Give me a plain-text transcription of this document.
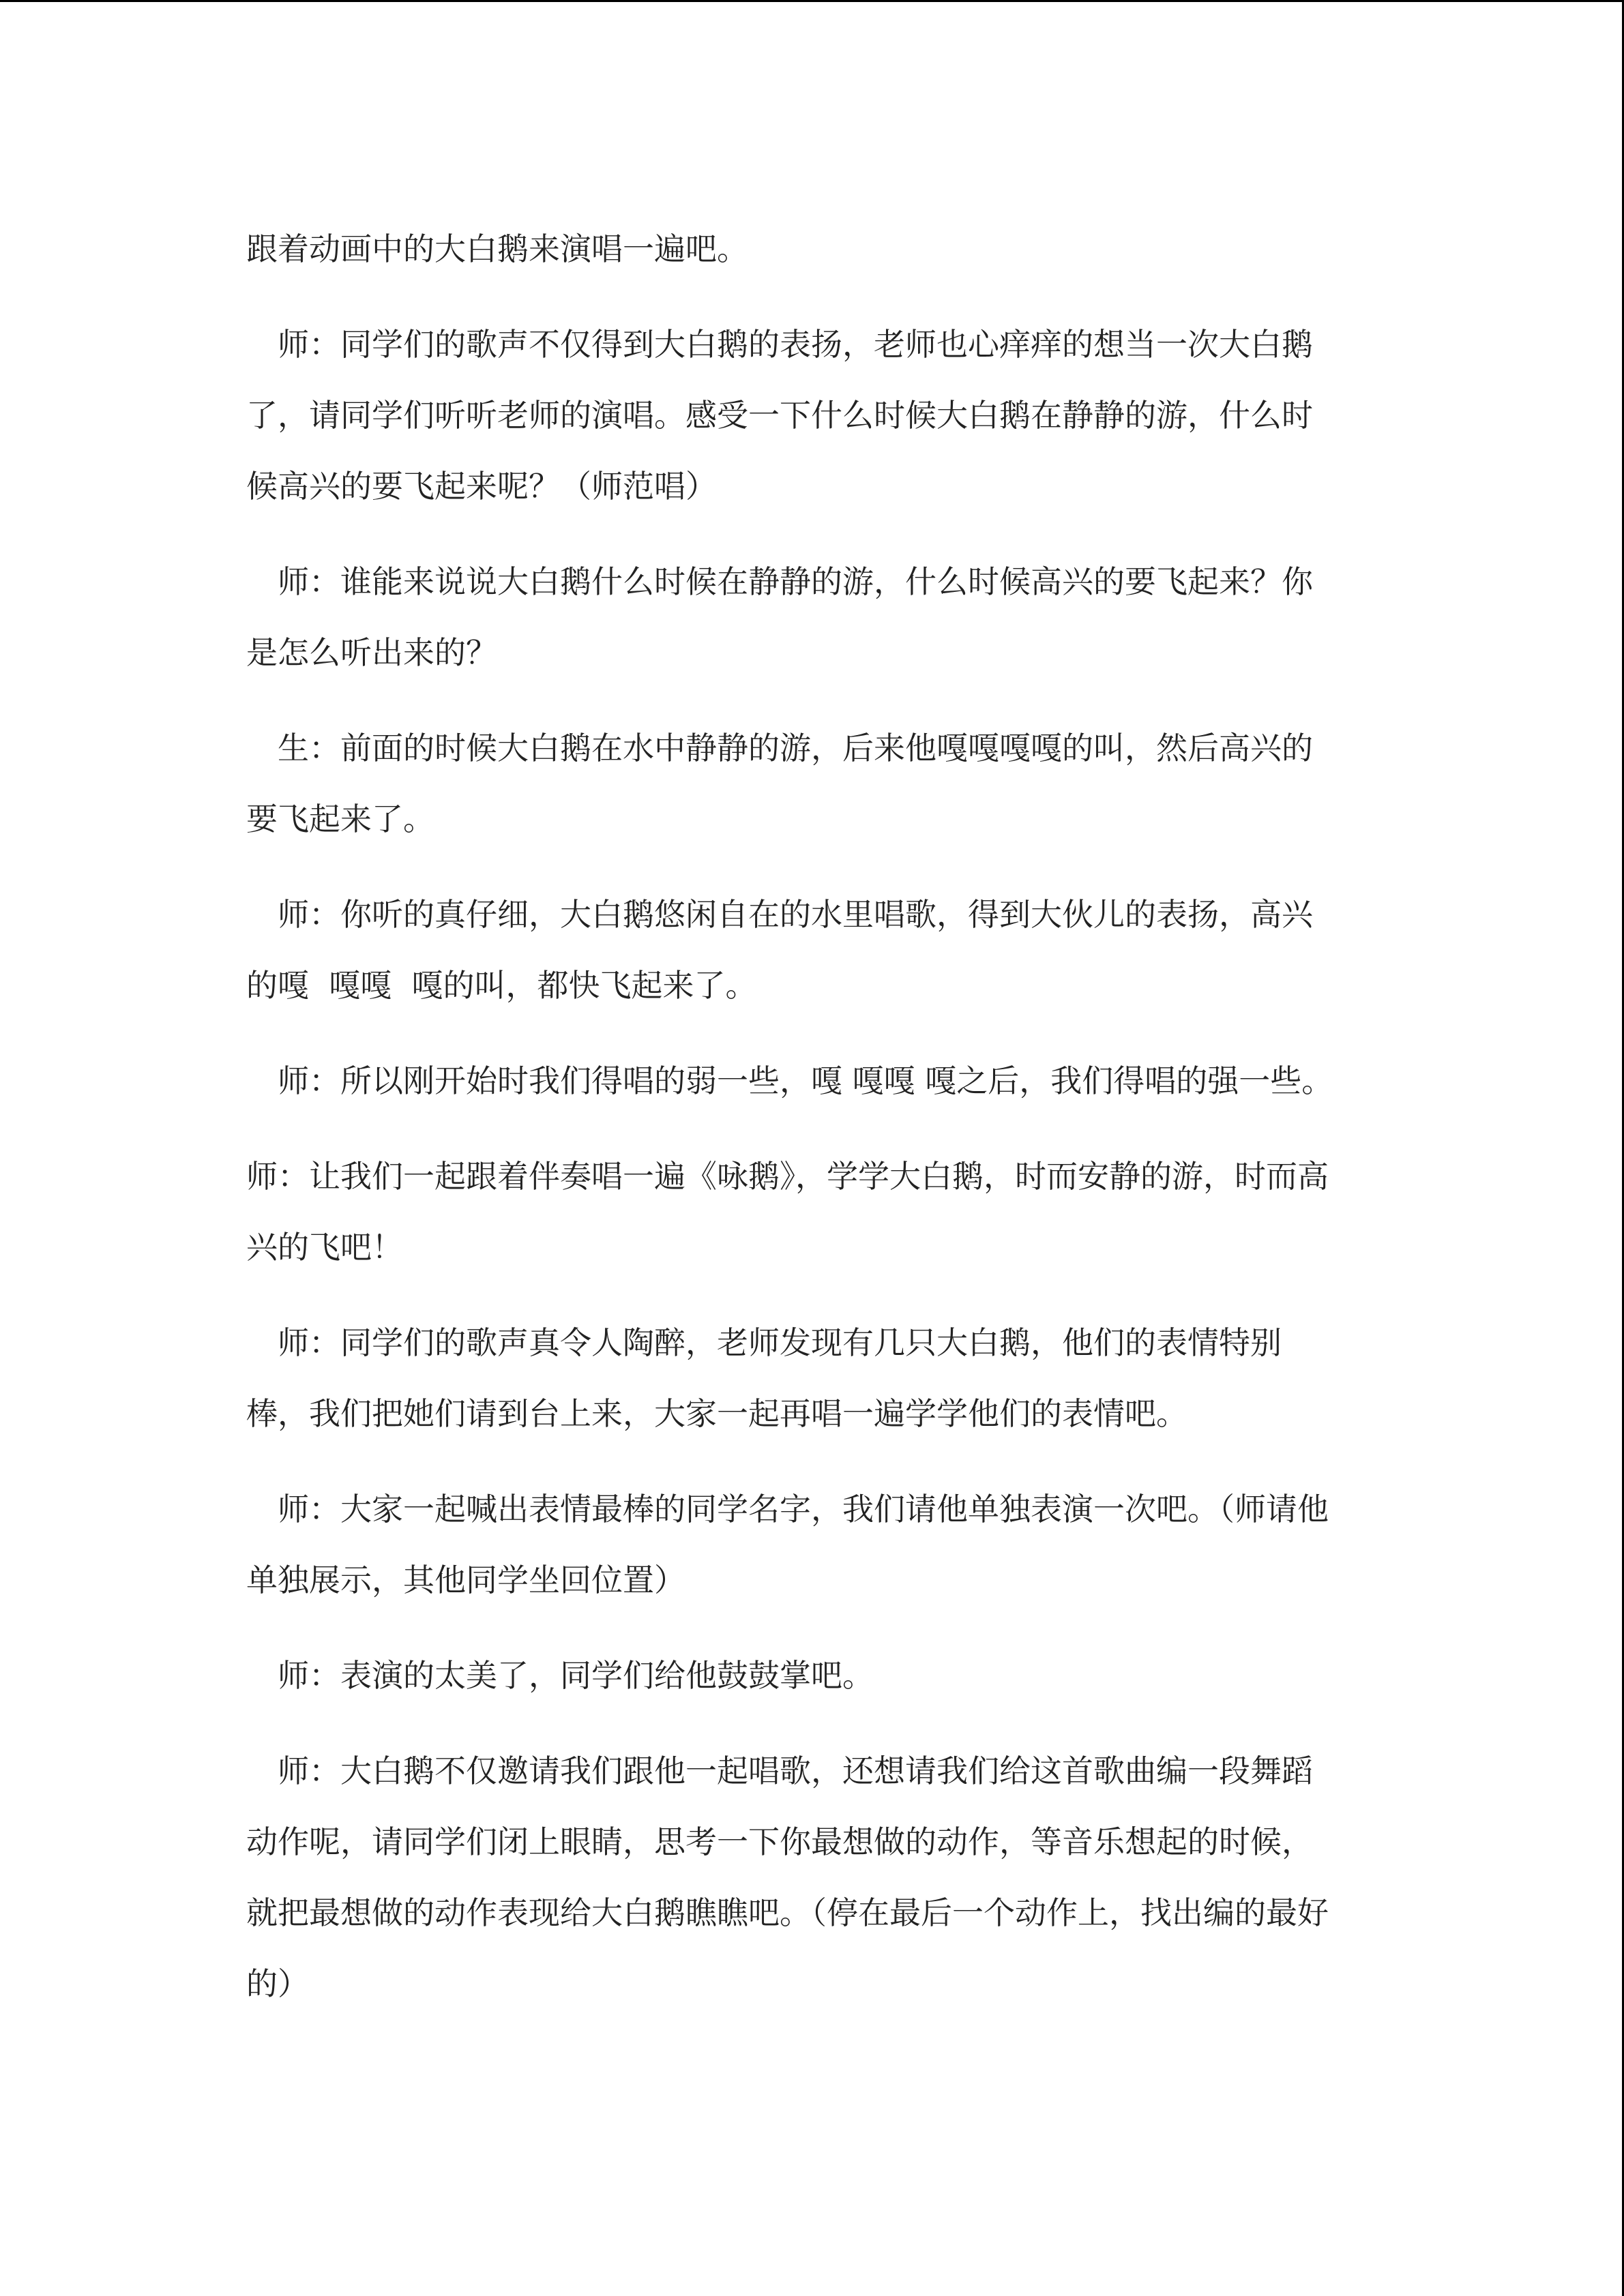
跟着动画中的大白鹅来演唱一遍吧。
师：同学们的歌声不仅得到大白鹅的表扬，老师也心痒痒的想当一次大白鹅
了，请同学们听听老师的演唱。感受一下什么时候大白鹅在静静的游，什么时
候高兴的要飞起来呢？（师范唱）
师：谁能来说说大白鹅什么时候在静静的游，什么时候高兴的要飞起来？你
是怎么听出来的？
生：前面的时候大白鹅在水中静静的游，后来他嘎嘎嘎嘎的叫，然后高兴的
要飞起来了。
师：你听的真仔细，大白鹅悠闲自在的水里唱歌，得到大伙儿的表扬，高兴
的嘎  嘎嘎  嘎的叫，都快飞起来了。
师：所以刚开始时我们得唱的弱一些，嘎 嘎嘎 嘎之后，我们得唱的强一些。
师：让我们一起跟着伴奏唱一遍《咏鹅》，学学大白鹅，时而安静的游，时而高
兴的飞吧！
师：同学们的歌声真令人陶醉，老师发现有几只大白鹅，他们的表情特别
棒，我们把她们请到台上来，大家一起再唱一遍学学他们的表情吧。
师：大家一起喊出表情最棒的同学名字，我们请他单独表演一次吧。（师请他
单独展示，其他同学坐回位置）
师：表演的太美了，同学们给他鼓鼓掌吧。
师：大白鹅不仅邀请我们跟他一起唱歌，还想请我们给这首歌曲编一段舞蹈
动作呢，请同学们闭上眼睛，思考一下你最想做的动作，等音乐想起的时候，
就把最想做的动作表现给大白鹅瞧瞧吧。（停在最后一个动作上，找出编的最好
的）
